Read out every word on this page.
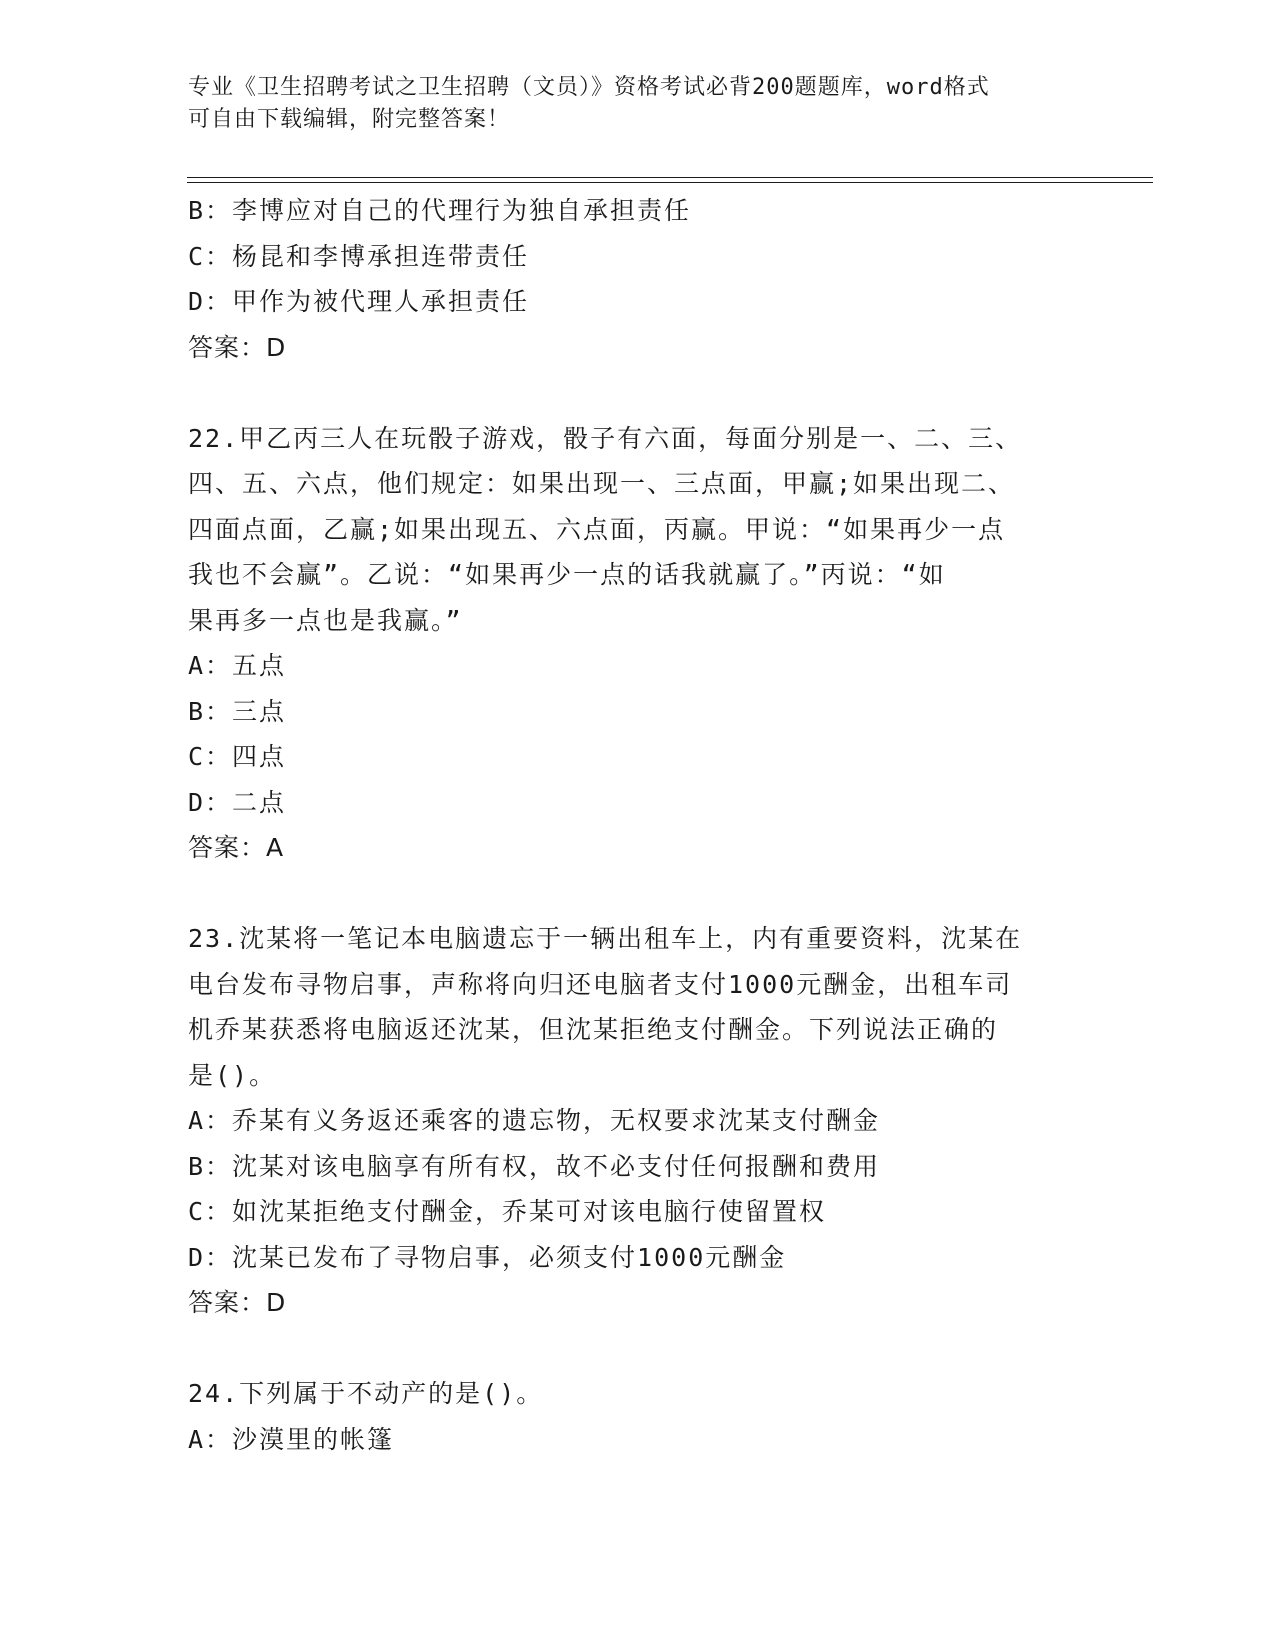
专业《卫生招聘考试之卫生招聘（文员）》资格考试必背200题题库，word格式
可自由下载编辑，附完整答案！
B：李博应对自己的代理行为独自承担责任
C：杨昆和李博承担连带责任
D：甲作为被代理人承担责任
答案：D
22.甲乙丙三人在玩骰子游戏，骰子有六面，每面分别是一、二、三、
四、五、六点，他们规定：如果出现一、三点面，甲赢;如果出现二、
四面点面，乙赢;如果出现五、六点面，丙赢。甲说：“如果再少一点
我也不会赢”。乙说：“如果再少一点的话我就赢了。”丙说：“如
果再多一点也是我赢。”
A：五点
B：三点
C：四点
D：二点
答案：A
23.沈某将一笔记本电脑遗忘于一辆出租车上，内有重要资料，沈某在
电台发布寻物启事，声称将向归还电脑者支付1000元酬金，出租车司
机乔某获悉将电脑返还沈某，但沈某拒绝支付酬金。下列说法正确的
是()。
A：乔某有义务返还乘客的遗忘物，无权要求沈某支付酬金
B：沈某对该电脑享有所有权，故不必支付任何报酬和费用
C：如沈某拒绝支付酬金，乔某可对该电脑行使留置权
D：沈某已发布了寻物启事，必须支付1000元酬金
答案：D
24.下列属于不动产的是()。
A：沙漠里的帐篷
